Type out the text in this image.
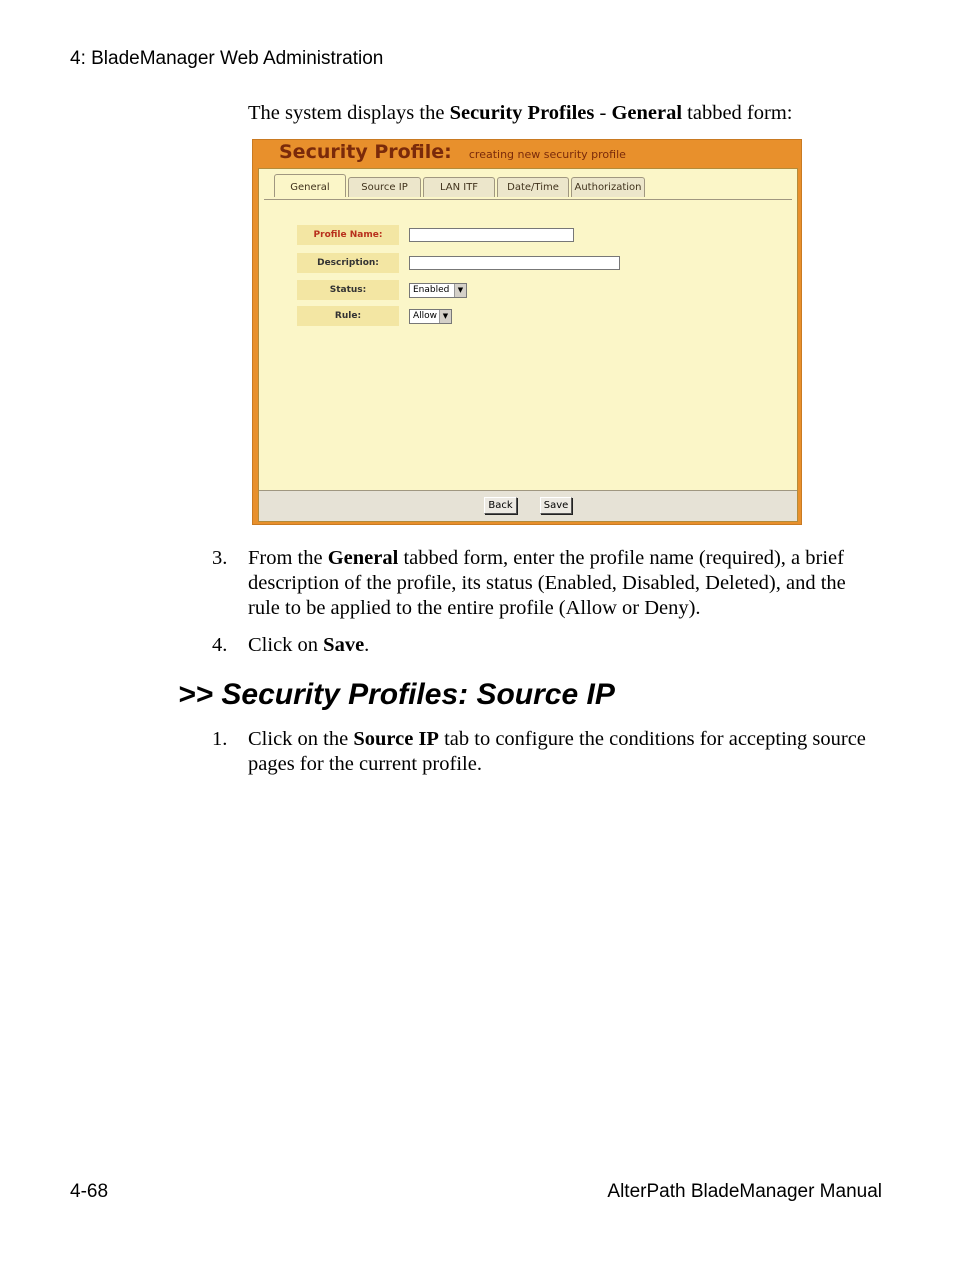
4: BladeManager Web Administration
The system displays the Security Profiles - General tabbed form:
Security Profile: creating new security profile
General	Source IP	LAN ITF	Date/Time	Authorization
Profile Name:
Description:
Status:	Enabled	▼
Rule:	Allow ▼
Back	Save
3. From the General tabbed form, enter the profile name (required), a brief description of the profile, its status (Enabled, Disabled, Deleted), and the rule to be applied to the entire profile (Allow or Deny).
4. Click on Save.
>> Security Profiles: Source IP
1. Click on the Source IP tab to configure the conditions for accepting source pages for the current profile.
4-68	AlterPath BladeManager Manual
